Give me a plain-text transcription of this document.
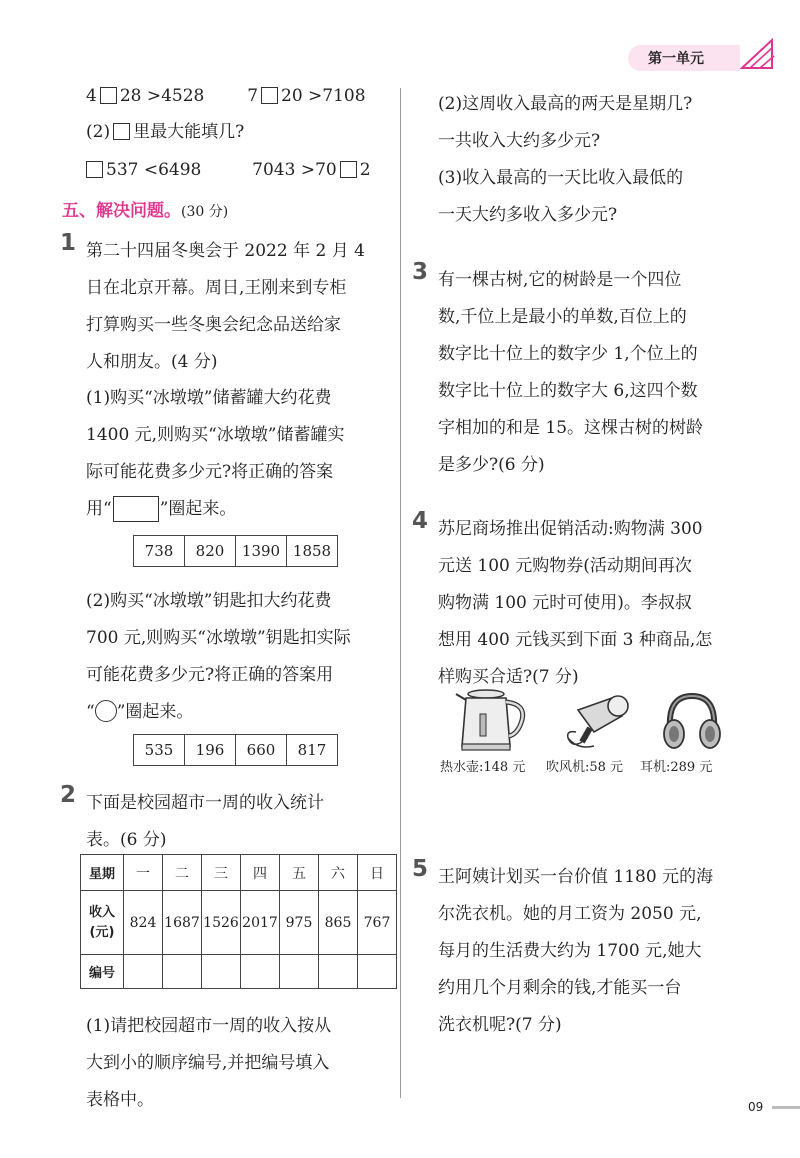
第一单元
4 28 >4528	7 20 >7108
(2) 里最大能填几?
537 <6498	7043 >70 2
五、解决问题。(30 分)
1 第二十四届冬奥会于 2022 年 2 月 4
日在北京开幕。周日,王刚来到专柜
打算购买一些冬奥会纪念品送给家
人和朋友。(4 分)
(1)购买“冰墩墩”储蓄罐大约花费
1400 元,则购买“冰墩墩”储蓄罐实
际可能花费多少元?将正确的答案
用“	”圈起来。
738	820	1390	1858
(2)购买“冰墩墩”钥匙扣大约花费
700 元,则购买“冰墩墩”钥匙扣实际
可能花费多少元?将正确的答案用
“ ”圈起来。
535	196	660	817
2 下面是校园超市一周的收入统计
表。(6 分)
星期	一	二	三	四	五	六	日

收入
(元)	824	1687	1526	2017	975	865	767
编号							
(1)请把校园超市一周的收入按从
大到小的顺序编号,并把编号填入
表格中。
(2)这周收入最高的两天是星期几?
一共收入大约多少元?
(3)收入最高的一天比收入最低的
一天大约多收入多少元?
3 有一棵古树,它的树龄是一个四位
数,千位上是最小的单数,百位上的
数字比十位上的数字少 1,个位上的
数字比十位上的数字大 6,这四个数
字相加的和是 15。这棵古树的树龄
是多少?(6 分)
4 苏尼商场推出促销活动:购物满 300
元送 100 元购物券(活动期间再次
购物满 100 元时可使用)。李叔叔
想用 400 元钱买到下面 3 种商品,怎
样购买合适?(7 分)
热水壶:148 元 吹风机:58 元 耳机:289 元
5 王阿姨计划买一台价值 1180 元的海
尔洗衣机。她的月工资为 2050 元,
每月的生活费大约为 1700 元,她大
约用几个月剩余的钱,才能买一台
洗衣机呢?(7 分)
09
